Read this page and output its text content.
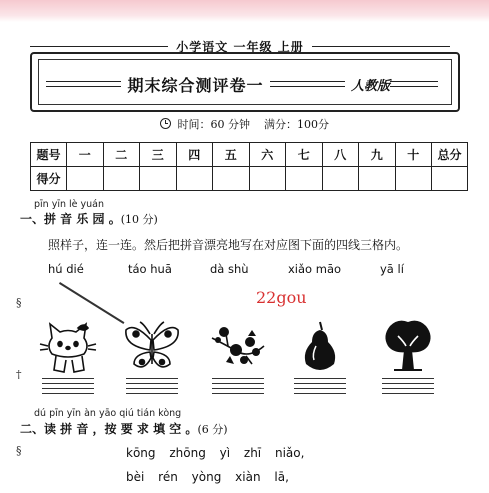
§
†
§
小学语文 一年级 上册
期末综合测评卷一	人教版
时间：60 分钟 满分：100分
题号	一	二	三	四	五	六	七	八	九	十	总分
得分											
pīn yīn lè yuán
一、拼 音 乐 园 。(10 分)
照样子，连一连。然后把拼音漂亮地写在对应图下面的四线三格内。
hú dié	táo huā	dà shù	xiǎo māo	yā lí
22gou
dú pīn yīn àn yāo qiú tián kòng
二、读 拼 音 ，按 要 求 填 空 。(6 分)
kōng zhōng yì zhī niǎo,
bèi rén yòng xiàn lā,
